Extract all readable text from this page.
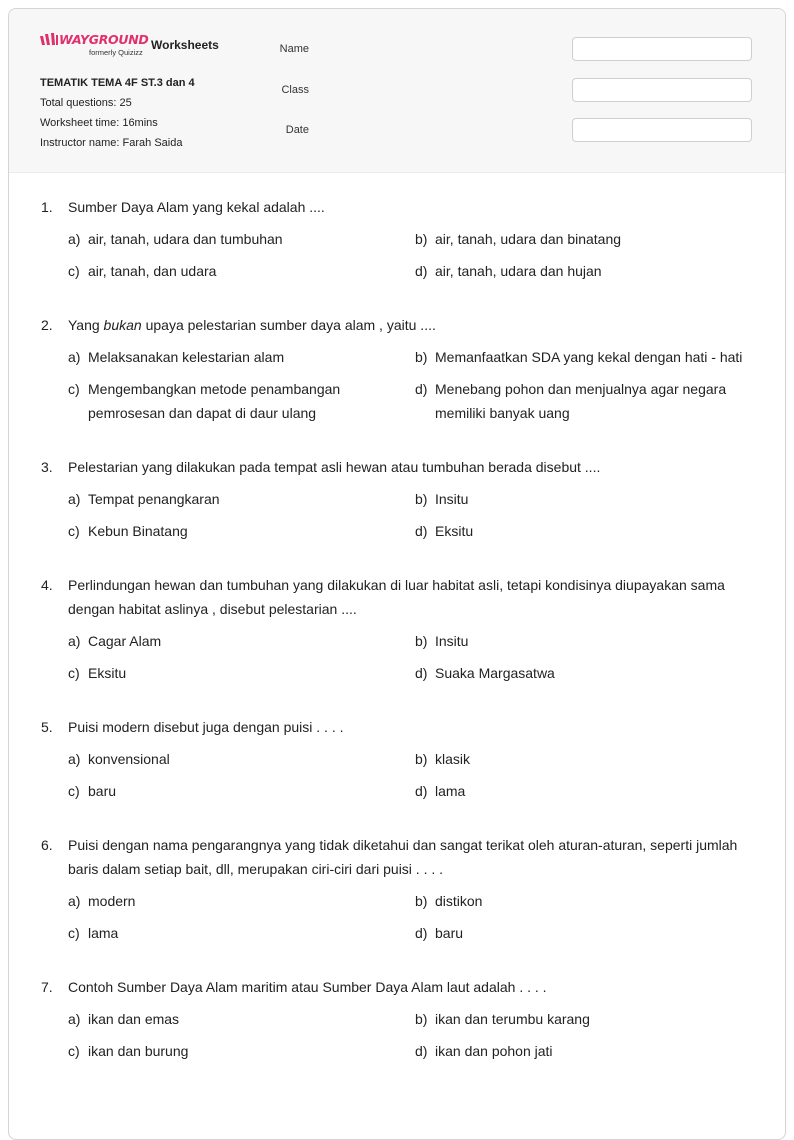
WAYGROUND
formerly Quizizz
Worksheets
TEMATIK TEMA 4F ST.3 dan 4
Total questions: 25
Worksheet time: 16mins
Instructor name: Farah Saida
Name
Class
Date
1.	Sumber Daya Alam yang kekal adalah ....
a) air, tanah, udara dan tumbuhan	b) air, tanah, udara dan binatang
c) air, tanah, dan udara	d) air, tanah, udara dan hujan
2.	Yang bukan upaya pelestarian sumber daya alam , yaitu ....
a) Melaksanakan kelestarian alam	b) Memanfaatkan SDA yang kekal dengan hati - hati
c) Mengembangkan metode penambangan pemrosesan dan dapat di daur ulang
d) Menebang pohon dan menjualnya agar negara memiliki banyak uang
3.	Pelestarian yang dilakukan pada tempat asli hewan atau tumbuhan berada disebut ....
a) Tempat penangkaran	b) Insitu
c) Kebun Binatang	d) Eksitu
4.	Perlindungan hewan dan tumbuhan yang dilakukan di luar habitat asli, tetapi kondisinya diupayakan sama dengan habitat aslinya , disebut pelestarian ....
a) Cagar Alam	b) Insitu
c) Eksitu	d) Suaka Margasatwa
5.	Puisi modern disebut juga dengan puisi . . . .
a) konvensional	b) klasik
c) baru	d) lama
6.	Puisi dengan nama pengarangnya yang tidak diketahui dan sangat terikat oleh aturan-aturan, seperti jumlah baris dalam setiap bait, dll, merupakan ciri-ciri dari puisi . . . .
a) modern	b) distikon
c) lama	d) baru
7.	Contoh Sumber Daya Alam maritim atau Sumber Daya Alam laut adalah . . . .
a) ikan dan emas	b) ikan dan terumbu karang
c) ikan dan burung	d) ikan dan pohon jati
